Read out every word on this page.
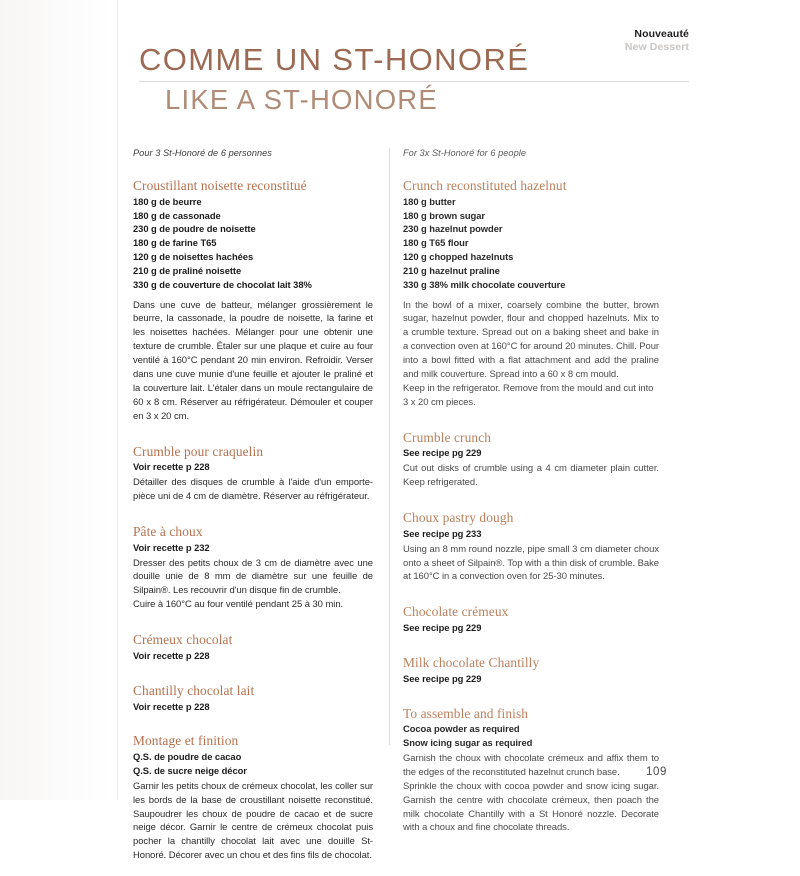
Nouveauté
New Dessert
COMME UN ST-HONORÉ
LIKE A ST-HONORÉ
Pour 3 St-Honoré de 6 personnes
Croustillant noisette reconstitué
180 g de beurre
180 g de cassonade
230 g de poudre de noisette
180 g de farine T65
120 g de noisettes hachées
210 g de praliné noisette
330 g de couverture de chocolat lait 38%
Dans une cuve de batteur, mélanger grossièrement le beurre, la cassonade, la poudre de noisette, la farine et les noisettes hachées. Mélanger pour une obtenir une texture de crumble. Étaler sur une plaque et cuire au four ventilé à 160°C pendant 20 min environ. Refroidir. Verser dans une cuve munie d'une feuille et ajouter le praliné et la couverture lait. L'étaler dans un moule rectangulaire de 60 x 8 cm. Réserver au réfrigérateur. Démouler et couper en 3 x 20 cm.
Crumble pour craquelin
Voir recette p 228
Détailler des disques de crumble à l'aide d'un emporte-pièce uni de 4 cm de diamètre. Réserver au réfrigérateur.
Pâte à choux
Voir recette p 232
Dresser des petits choux de 3 cm de diamètre avec une douille unie de 8 mm de diamètre sur une feuille de Silpain®. Les recouvrir d'un disque fin de crumble.
Cuire à 160°C au four ventilé pendant 25 à 30 min.
Crémeux chocolat
Voir recette p 228
Chantilly chocolat lait
Voir recette p 228
Montage et finition
Q.S. de poudre de cacao
Q.S. de sucre neige décor
Garnir les petits choux de crémeux chocolat, les coller sur les bords de la base de croustillant noisette reconstitué. Saupoudrer les choux de poudre de cacao et de sucre neige décor. Garnir le centre de crémeux chocolat puis pocher la chantilly chocolat lait avec une douille St- Honoré. Décorer avec un chou et des fins fils de chocolat.
For 3x St-Honoré for 6 people
Crunch reconstituted hazelnut
180 g butter
180 g brown sugar
230 g hazelnut powder
180 g T65 flour
120 g chopped hazelnuts
210 g hazelnut praline
330 g 38% milk chocolate couverture
In the bowl of a mixer, coarsely combine the butter, brown sugar, hazelnut powder, flour and chopped hazelnuts. Mix to a crumble texture. Spread out on a baking sheet and bake in a convection oven at 160°C for around 20 minutes. Chill. Pour into a bowl fitted with a flat attachment and add the praline and milk couverture. Spread into a 60 x 8 cm mould.
Keep in the refrigerator. Remove from the mould and cut into 3 x 20 cm pieces.
Crumble crunch
See recipe pg 229
Cut out disks of crumble using a 4 cm diameter plain cutter. Keep refrigerated.
Choux pastry dough
See recipe pg 233
Using an 8 mm round nozzle, pipe small 3 cm diameter choux onto a sheet of Silpain®. Top with a thin disk of crumble. Bake at 160°C in a convection oven for 25-30 minutes.
Chocolate crémeux
See recipe pg 229
Milk chocolate Chantilly
See recipe pg 229
To assemble and finish
Cocoa powder as required
Snow icing sugar as required
Garnish the choux with chocolate crémeux and affix them to the edges of the reconstituted hazelnut crunch base.
Sprinkle the choux with cocoa powder and snow icing sugar. Garnish the centre with chocolate crémeux, then poach the milk chocolate Chantilly with a St Honoré nozzle. Decorate with a choux and fine chocolate threads.
109
